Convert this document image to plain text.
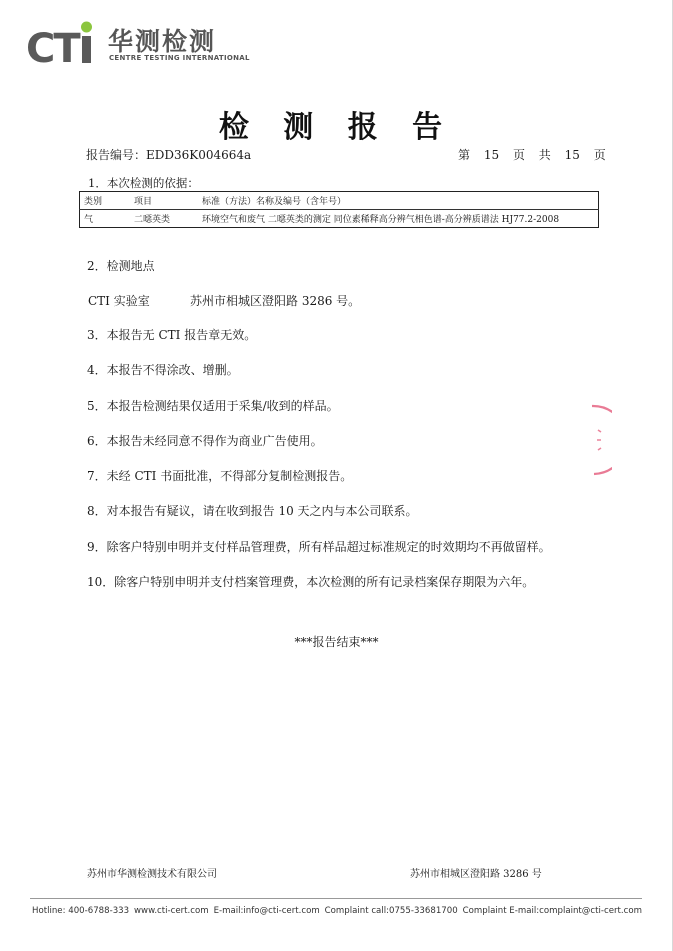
CT 华测检测
CENTRE TESTING INTERNATIONAL
检 测 报 告
报告编号：EDD36K004664a	第 15 页 共 15 页
1．本次检测的依据：
类别	项目	标准（方法）名称及编号（含年号）
气	二噁英类	环境空气和废气 二噁英类的测定 同位素稀释高分辨气相色谱-高分辨质谱法 HJ77.2-2008
2．检测地点
CTI 实验室	苏州市相城区澄阳路 3286 号。
3．本报告无 CTI 报告章无效。
4．本报告不得涂改、增删。
5．本报告检测结果仅适用于采集/收到的样品。
6．本报告未经同意不得作为商业广告使用。
7．未经 CTI 书面批准，不得部分复制检测报告。
8．对本报告有疑议，请在收到报告 10 天之内与本公司联系。
9．除客户特别申明并支付样品管理费，所有样品超过标准规定的时效期均不再做留样。
10．除客户特别申明并支付档案管理费，本次检测的所有记录档案保存期限为六年。
***报告结束***
苏州市华测检测技术有限公司	苏州市相城区澄阳路 3286 号
Hotline: 400-6788-333 www.cti-cert.com E-mail:info@cti-cert.com Complaint call:0755-33681700 Complaint E-mail:complaint@cti-cert.com
